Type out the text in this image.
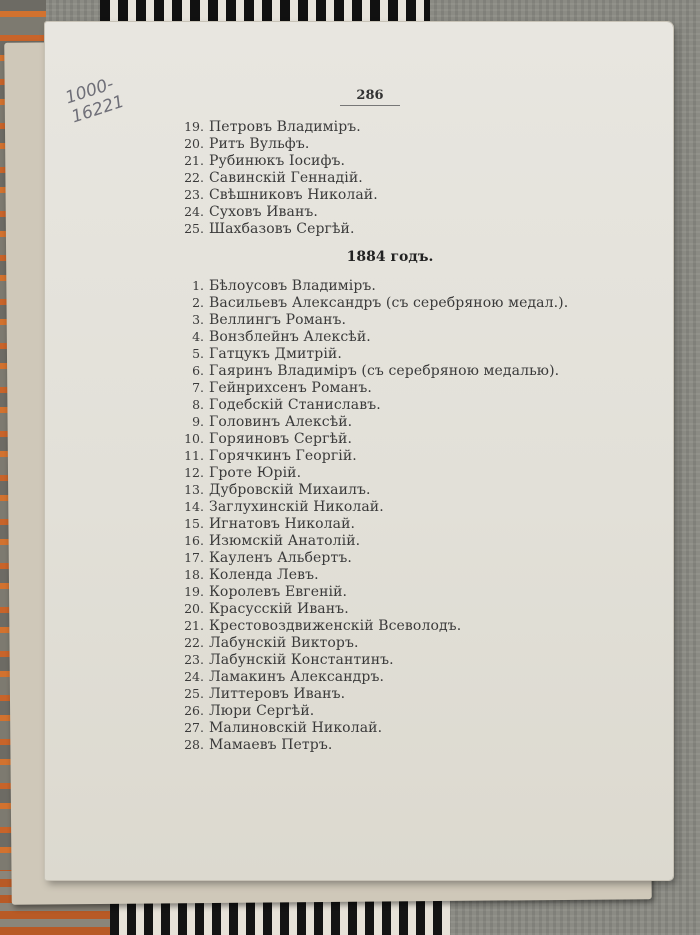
1000-
16221	286
19. Петровъ Владиміръ.
20. Ритъ Вульфъ.
21. Рубинюкъ Іосифъ.
22. Савинскій Геннадій.
23. Свѣшниковъ Николай.
24. Суховъ Иванъ.
25. Шахбазовъ Сергѣй.
1884 годъ.
1. Бѣлоусовъ Владиміръ.
2. Васильевъ Александръ (съ серебряною медал.).
3. Веллингъ Романъ.
4. Вонзблейнъ Алексѣй.
5. Гатцукъ Дмитрій.
6. Гаяринъ Владиміръ (съ серебряною медалью).
7. Гейнрихсенъ Романъ.
8. Годебскій Станиславъ.
9. Головинъ Алексѣй.
10. Горяиновъ Сергѣй.
11. Горячкинъ Георгій.
12. Гроте Юрій.
13. Дубровскій Михаилъ.
14. Заглухинскій Николай.
15. Игнатовъ Николай.
16. Изюмскій Анатолій.
17. Кауленъ Альбертъ.
18. Коленда Левъ.
19. Королевъ Евгеній.
20. Красусскій Иванъ.
21. Крестовоздвиженскій Всеволодъ.
22. Лабунскій Викторъ.
23. Лабунскій Константинъ.
24. Ламакинъ Александръ.
25. Литтеровъ Иванъ.
26. Люри Сергѣй.
27. Малиновскій Николай.
28. Мамаевъ Петръ.
